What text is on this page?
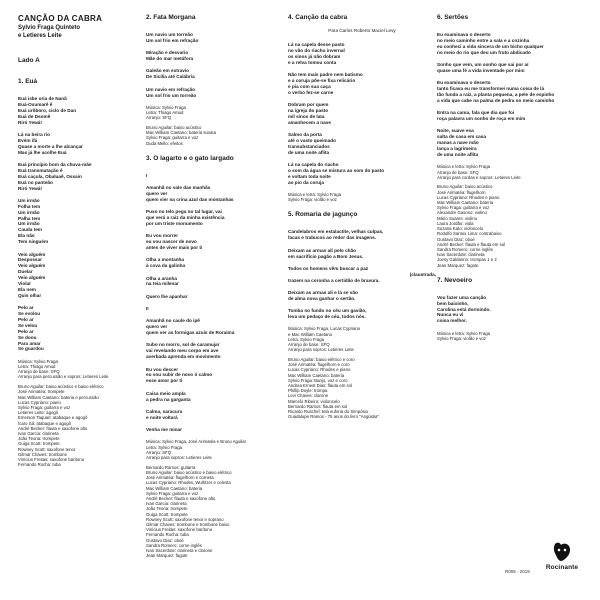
CANÇÃO DA CABRA
Sylvio Fraga Quinteto
e Letieres Leite
Lado A
1. Euá
Euá isbe oria de Nanã
Euá-Oxumarê ê
Euá urôboro, ciclo de Dan
Euá de Dsomê
Riró Yewá!
Lá na beira rio
Evém ifá
Quase a morte a lhe alcançar
Mas já lhe acolhe Euá
Euá princípio bom da chuva-mãe
Euá transmutação ê
Euá caçula, Obaluaê, Ossain
Euá no panteão
Riró Yewá!
Um irmão
Folha tem
Um irmão
Palha tem
Um irmão
Cauda tem
Ela não
Tem ninguém
Veio alguém
Despossar
Veio alguém
Duelar
Veio alguém
Violar
Ela nem
Quis olhar
Pelo ar
Se evolou
Pelo ar
Se velou
Pelo ar
Se doou
Para amar
Se guardou
Música: Sylvio Fraga
Letra: Thiago Amud
Arranjo de base: SFQ
Arranjo para percussão e sopros: Letieres Leite
Bruno Aguilar: baixo acústico e baixo elétrico
José Arimatéa: trompete
Mac William Caetano: bateria e percussão
Lucas Cypriano: piano
Sylvio Fraga: guitarra e voz
Letieres Leite: agogô
Emerson Taquari: atabaque e agogô
Ícaro Sá: atabaque e agogô
André Becker: flauta e saxofone alto
Ivan Garcia: clarineta
João Teoria: trompete
Guiga Scott: trompete
Rowney Scott: saxofone tenor
Gilmar Chaves: trombone
Vinícius Freitas: saxofone barítono
Fernando Rocha: tuba
2. Fata Morgana
Um navio um torreão
Um sol frio em refração
Miração e desvario
Mãe do mar metáfora
Galeão em extravio
De Sicília até Calábria
Um navio em refração
Um sol frio um torreão
Música: Sylvio Fraga
Letra: Thiago Amud
Arranjo: SFQ
Bruno Aguilar: baixo acústico
Mac William Caetano: bateria suvata
Sylvio Fraga: guitarra e voz
Duda Mello: efeitos
3. O lagarto e o gato largado
I
Amanhã no vale das manhãs
quero ver
quem vier na crina azul das montanhas
Puxo no telo pega no tal lugar, vai
que verá a raiz da minha existência
por um triste monumento
Eu vou morrer
eu vou nascer de novo
antes de viver mais por ti
Olha a montanha
à cova da galinha
Olha a aranha
na teia milenar
Quero lhe apanhar
II
Amanhã no caule do ipê
quero ver
quem ver as formigas azuis de Roraima
Subo no morro, sol de caramujar
vai revelando meu corpo em ave
averbada aprenda em movimento
Eu vou descer
eu vou subir de novo ó calmo
esse amor por ti
Caisa meio ampla
a pedra na garganta
Calma, saracura
e noite voltará
Venha me minar
Música: Sylvio Fraga, José Arimatéa e Bruno Aguilar
Letra: Sylvio Fraga
Arranjo: SFQ
Arranjo para sopros: Letieres Leite
Bernardo Ramos: guitarra
Bruno Aguilar: baixo acústico e baixo elétrico
José Arimatéa: flugelhorn e corneta
Lucas Cypriano: Rhodes, Wurlitzer e celesta
Mac William Caetano: bateria
Sylvio Fraga: guitarra e voz
André Becker: flauta e saxofone alto
Ivan Garcia: clarineta
João Teoria: trompete
Guiga Scott: trompete
Rowney Scott: saxofone tenor e soprano
Gilmar Chaves: trombone e trombone baixo
Vinícius Freitas: saxofone barítono
Fernando Rocha: tuba
Gustavo Diaz: oboé
Sandra Romero: corne inglês
Ivan Sacerdote: clarineta e clarone
Jean Marquez: fagote
4. Canção da cabra
Para Carlos Roberto Maciel Levy
Lá na capela desse pasto
no vão do riacho invernal
os sinos já não dobram
e a relva tomou conta
Não tem mais padre nem batismo
e a coruja põe-se fixa relicário
e pia com sua caça
o verbo fez-se carne
Dobram por quem
na igreja do pasto
mil sinos de lata
amanhecem a nave
Salmo da porta
até o vasto queimado
transubstanciados
de uma noite aflita
Lá na capela do riacho
o som da água se mistura ao som do pasto
e voltam toda noite
ao pio da coruja
Música e letra: Sylvio Fraga
Sylvio Fraga: violão e voz
5. Romaria de jagunço
Candelabros em estalactite, velhas culpas,
facas e trabucos ao redor das imagens.
Deixam as armas ali pelo chão
em sacrifício pagão a Bom Jesus.
Todos os homens vêm buscar a paz
(claustrada,
trazem na coronha a certidão de bravura.
Deixam as armas ali e lá se vão
de alma nova ganhar o sertão.
Tomba no fundo no céu um gavião,
leva um pedaço de céu, todos nós.
Música: Sylvio Fraga, Lucas Cypriano
e Mac William Caetano
Letra: Sylvio Fraga
Arranjo de base: SFQ
Arranjo para sopros: Letieres Leite
Bruno Aguilar: baixo elétrico e coro
José Arimatéa: flugelhorn e coro
Lucas Cypriano: Rhodes e piano
Mac William Caetano: bateria
Sylvio Fraga: Banjo, voz e coro
Andrea Ernest Dias: flauta em sol
Phillip Doyle: trompa
Levi Chaves: clarone
Marcelo Ribeiro: violoncelo
Bernardo Ramos: flauta em sol
Ricardo Ruschel: tela euforia do Simpósio
Guadalupe Ramos - 75 anos do livro "Angústia"
6. Sertões
Eu examinava o deserto
no meio caminho entre a sala e a cozinha
eu conheci a vida sincera de um bicho qualquer
no meio do rio que deu um fruto abdicado
Sonho que vem, um sonho que sai por aí
quase uma fé a vida inventade por mim
Eu examinava o deserto
tanto ficava eu me transformei numa coisa de lá
tão funda a raiz, a planta pequena, a pele de espinho
a vida que cabe na palma de pedra no meio caminho
Entra na cama, fala que dia que foi
roça palavra um sonho de roça em mim
Noite, suave esa
salta de casa em casa
manas a nave mão
lança a lagrimeira
de uma noite aflita
Música e letra: Sylvio Fraga
Arranjo de base: SFQ
Arranjo para cordas e sopros: Letieres Leite
Bruno Aguilar: baixo acústico
José Arimatéa: flugelhorn
Lucas Cypriano: Rhodes e piano
Mac William Caetano: bateria
Sylvio Fraga: guitarra e voz
Alexandre Gasoso: violino
Mário Soares: violino
Laura Jordão: viola
Suzana Kato: violoncelo
Rodolfo Santos Lima: contrabaixo
Gustavo Diaz: oboé
André Becker: flauta e flauta em sol
Sandra Romero: corne inglês
Ivan Sacerdote: clarineta
Joesy Galdarino: trompas 1 e 2
Jean Marquez: fagote
7. Nevoeiro
Vou fazer uma canção
bem baixinho,
Carolina está dormindo.
Nunca eu vi
coisa melhor.
Música e letra: Sylvio Fraga
Sylvio Fraga: violão e voz
R005 - 2019
Rocinante
